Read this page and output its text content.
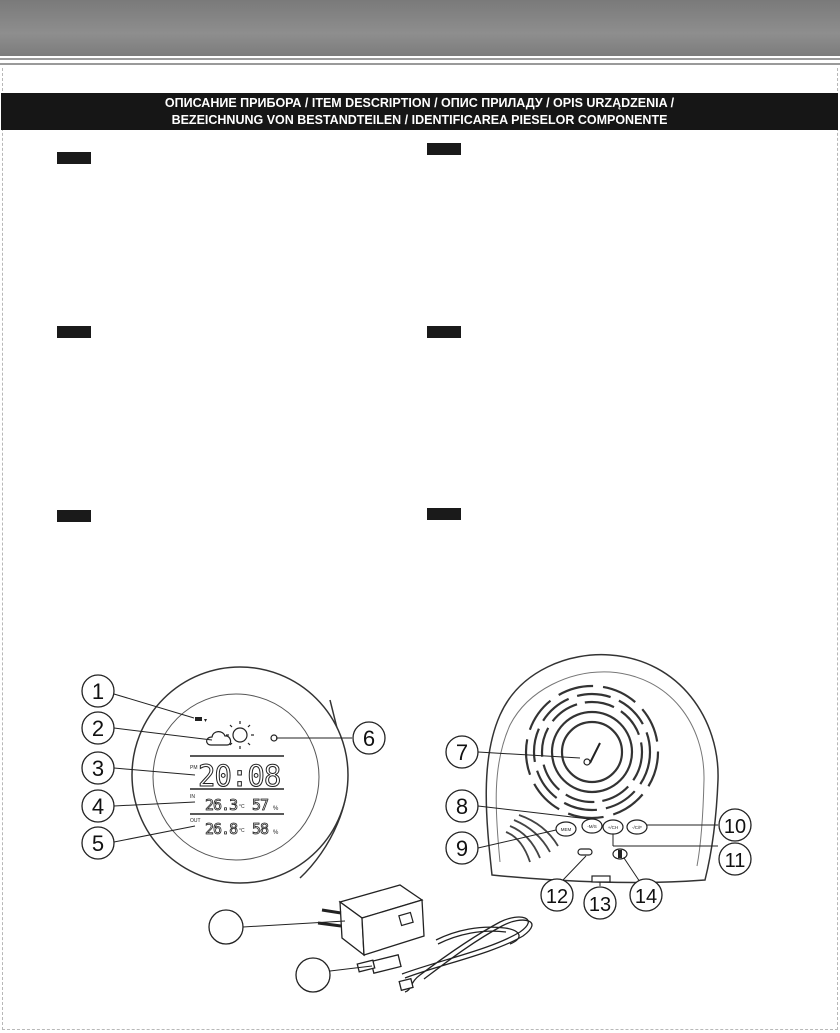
ОПИСАНИЕ ПРИБОРА / ITEM DESCRIPTION / ОПИС ПРИЛАДУ / OPIS URZĄDZENIA /
BEZEICHNUNG VON BESTANDTEILEN / IDENTIFICAREA PIESELOR COMPONENTE
▾
PM 20:08
IN 26.3 °C 57 %
OUT 26.8 °C 58 %
1
2
3
4
5
6
MEM
-M/S +/CH	-/C/F
7
8
9
10
11
12 13 14
